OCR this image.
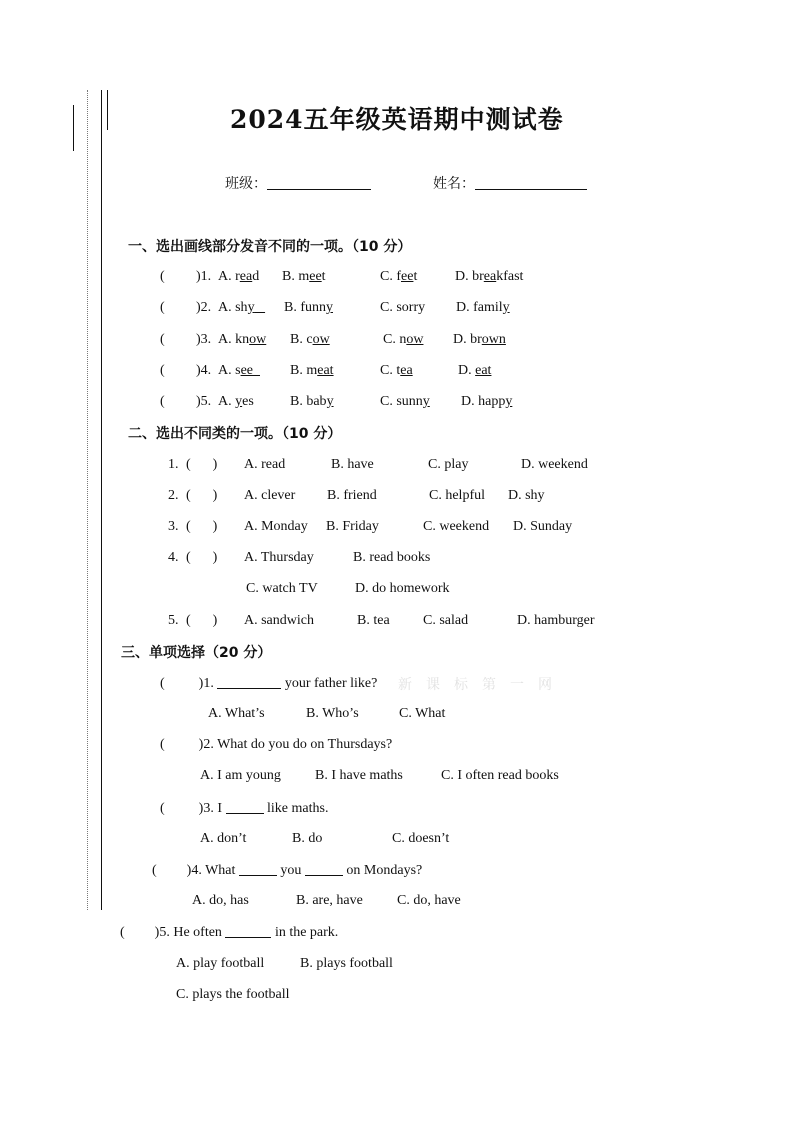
2024五年级英语期中测试卷
班级：	姓名：
一、选出画线部分发音不同的一项。（10 分）
( )1. A. read B. meet	C. feet	D. breakfast
( )2. A. shy	B. funny	C. sorry D. family
( )3. A. know B. cow	C. now D. brown
( )4. A. see	B. meat	C. tea	D. eat
( )5. A. yes	B. baby	C. sunny D. happy
二、选出不同类的一项。（10 分）
1. ( ) A. read	B. have	C. play	D. weekend
2. ( ) A. clever B. friend	C. helpful D. shy
3. ( ) A. Monday B. Friday	C. weekend D. Sunday
4. ( ) A. Thursday	B. read books
C. watch TV	D. do homework
5. ( ) A. sandwich	B. tea C. salad	D. hamburger
三、单项选择（20 分）
新课标第一网
( )1.	your father like?
A. What’s	B. Who’s	C. What
( )2. What do you do on Thursdays?
A. I am young B. I have maths	C. I often read books
( )3. I	like maths.
A. don’t	B. do	C. doesn’t
( )4. What	you	on Mondays?
A. do, has	B. are, have C. do, have
( )5. He often	in the park.
A. play football	B. plays football
C. plays the football
